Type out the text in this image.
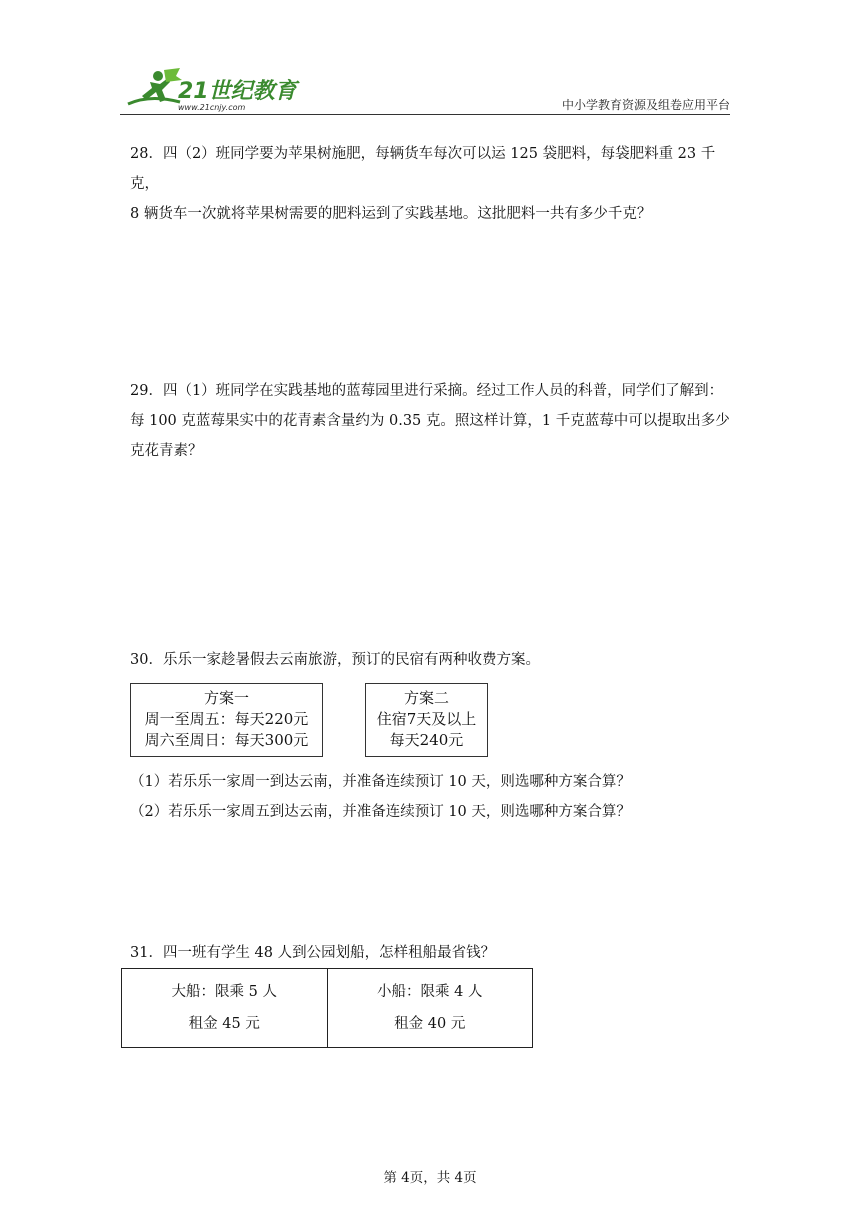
21世纪教育
www.21cnjy.com	中小学教育资源及组卷应用平台

28．四（2）班同学要为苹果树施肥，每辆货车每次可以运 125 袋肥料，每袋肥料重 23 千克，

8 辆货车一次就将苹果树需要的肥料运到了实践基地。这批肥料一共有多少千克？

29．四（1）班同学在实践基地的蓝莓园里进行采摘。经过工作人员的科普，同学们了解到：

每 100 克蓝莓果实中的花青素含量约为 0.35 克。照这样计算，1 千克蓝莓中可以提取出多少

克花青素？

30．乐乐一家趁暑假去云南旅游，预订的民宿有两种收费方案。

方案一
周一至周五：每天220元
周六至周日：每天300元
方案二
住宿7天及以上
每天240元

（1）若乐乐一家周一到达云南，并准备连续预订 10 天，则选哪种方案合算？

（2）若乐乐一家周五到达云南，并准备连续预订 10 天，则选哪种方案合算？

31．四一班有学生 48 人到公园划船，怎样租船最省钱？

大船：限乘 5 人
租金 45 元

小船：限乘 4 人
租金 40 元
第 4页，共 4页
